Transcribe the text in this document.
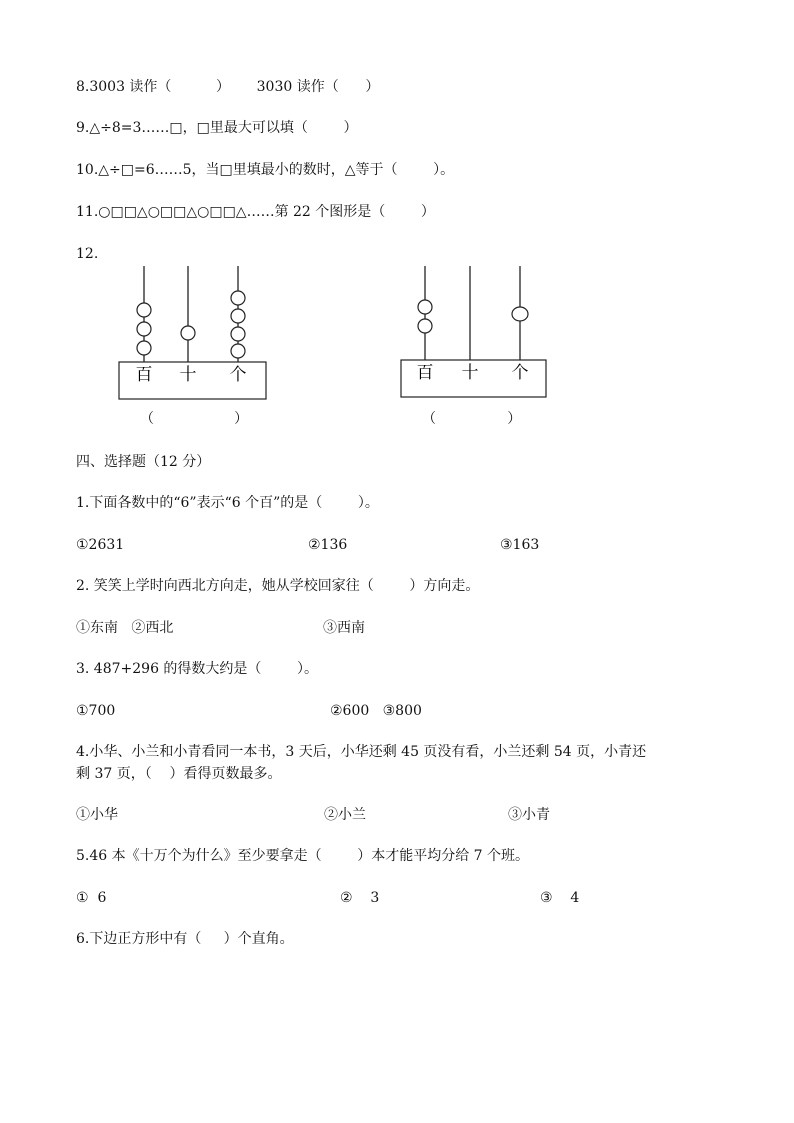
8.3003 读作（          ）      3030 读作（      ）
9.△÷8=3……□，□里最大可以填（        ）
10.△÷□=6……5，当□里填最小的数时，△等于（        ）。
11.○□□△○□□△○□□△……第 22 个图形是（        ）
12.
百 十 个
（                  ）
百 十 个
（                ）
四、选择题（12 分）
1.下面各数中的“6”表示“6 个百”的是（        ）。
①2631	②136	③163
2. 笑笑上学时向西北方向走，她从学校回家往（        ）方向走。
①东南   ②西北	③西南
3. 487+296 的得数大约是（        ）。
①700	②600   ③800
4.小华、小兰和小青看同一本书，3 天后，小华还剩 45 页没有看，小兰还剩 54 页，小青还
剩 37 页，（    ）看得页数最多。
①小华	②小兰	③小青
5.46 本《十万个为什么》至少要拿走（        ）本才能平均分给 7 个班。
①  6	②    3	③    4
6.下边正方形中有（     ）个直角。
